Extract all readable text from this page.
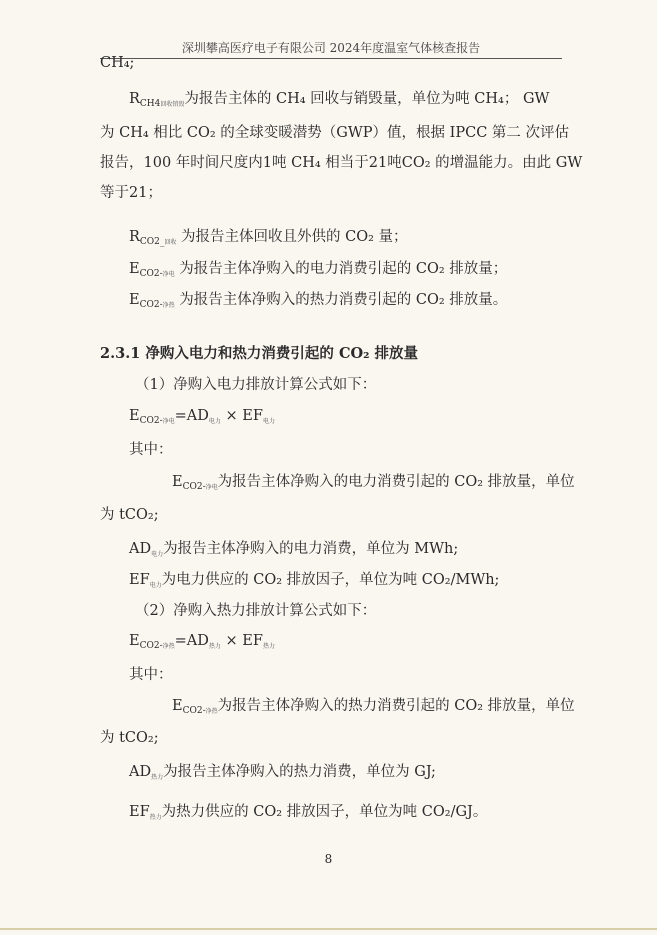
深圳攀高医疗电子有限公司 2024年度温室气体核查报告
CH₄;
$R_{CH4回收销毁}$为报告主体的 CH₄ 回收与销毁量，单位为吨 CH₄； GW
为 CH₄ 相比 CO₂ 的全球变暖潜势（GWP）值，根据 IPCC 第二 次评估
报告，100 年时间尺度内1吨 CH₄ 相当于21吨CO₂ 的增温能力。由此 GW
等于21；
$R_{CO2\_回收}$ 为报告主体回收且外供的 CO₂ 量；
$E_{CO2-净电}$ 为报告主体净购入的电力消费引起的 CO₂ 排放量；
$E_{CO2-净热}$ 为报告主体净购入的热力消费引起的 CO₂ 排放量。
2.3.1 净购入电力和热力消费引起的 CO₂ 排放量
（1）净购入电力排放计算公式如下：
$E_{CO2-净电}=AD_{电力} \times EF_{电力}$
其中：
$E_{CO2-净电}$为报告主体净购入的电力消费引起的 CO₂ 排放量，单位
为 tCO₂;
$AD_{电力}$为报告主体净购入的电力消费，单位为 MWh;
$EF_{电力}$为电力供应的 CO₂ 排放因子，单位为吨 CO₂/MWh;
（2）净购入热力排放计算公式如下：
$E_{CO2-净热}=AD_{热力} \times EF_{热力}$
其中：
$E_{CO2-净热}$为报告主体净购入的热力消费引起的 CO₂ 排放量，单位
为 tCO₂;
$AD_{热力}$为报告主体净购入的热力消费，单位为 GJ;
$EF_{热力}$为热力供应的 CO₂ 排放因子，单位为吨 CO₂/GJ。
8
